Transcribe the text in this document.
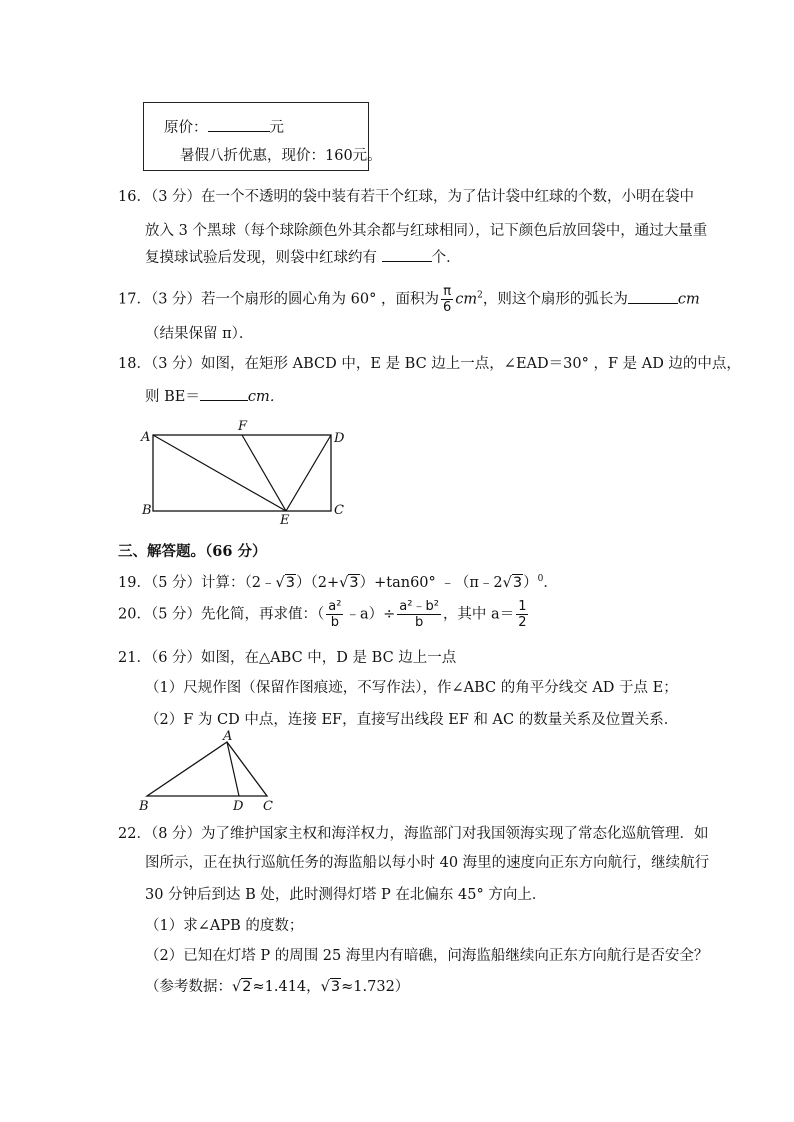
原价：	元
暑假八折优惠，现价：160元。
16．（3 分）在一个不透明的袋中装有若干个红球，为了估计袋中红球的个数，小明在袋中
放入 3 个黑球（每个球除颜色外其余都与红球相同），记下颜色后放回袋中，通过大量重
复摸球试验后发现，则袋中红球约有	个．
17．（3 分）若一个扇形的圆心角为 60° ，面积为 $\frac{\pi}{6} cm^2$，则这个扇形的弧长为	cm
（结果保留 π）．
18．（3 分）如图，在矩形 ABCD 中，E 是 BC 边上一点，∠EAD＝30° ，F 是 AD 边的中点，
则 BE＝	cm．
A
B	C
D
E
F
三、解答题。（66 分）
19．（5 分）计算：（2﹣√3）（2+√3）+tan60° ﹣（π﹣2√3）$^0$．
20．（5 分）先化简，再求值：（ $\frac{\text{a²}}{b}$ ﹣a）÷ $\frac{\text{a²﹣b²}}{b}$ ，其中 $a= \frac{1}{2}$
21．（6 分）如图，在△ABC 中，D 是 BC 边上一点
（1）尺规作图（保留作图痕迹，不写作法），作∠ABC 的角平分线交 AD 于点 E；
（2）F 为 CD 中点，连接 EF，直接写出线段 EF 和 AC 的数量关系及位置关系．
A
B	C
D
22．（8 分）为了维护国家主权和海洋权力，海监部门对我国领海实现了常态化巡航管理．如
图所示，正在执行巡航任务的海监船以每小时 40 海里的速度向正东方向航行，继续航行
30 分钟后到达 B 处，此时测得灯塔 P 在北偏东 45° 方向上．
（1）求∠APB 的度数；
（2）已知在灯塔 P 的周围 25 海里内有暗礁，问海监船继续向正东方向航行是否安全？
（参考数据：√2≈1.414，√3≈1.732）
